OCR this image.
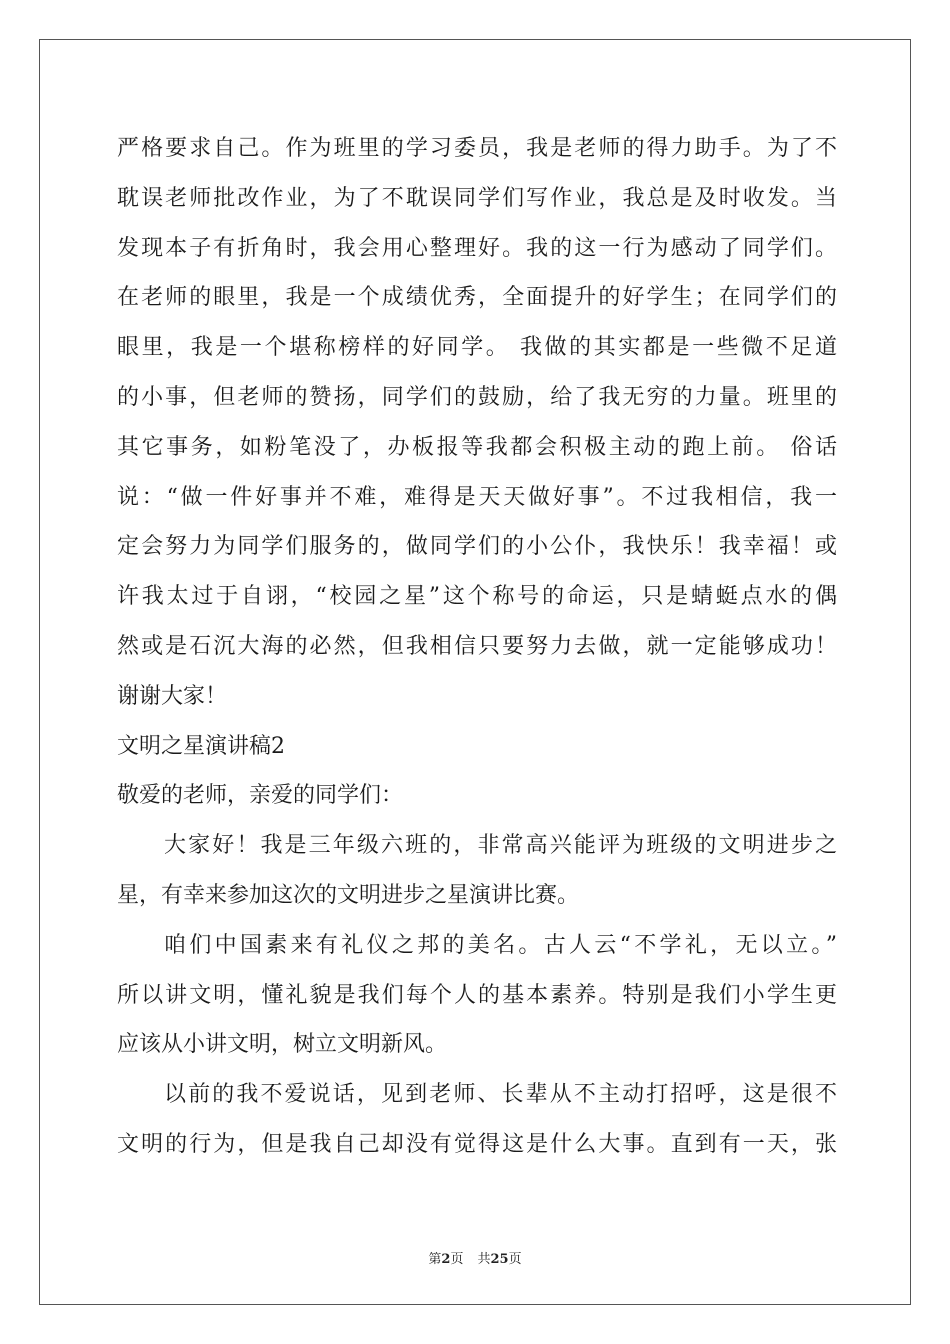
严格要求自己。作为班里的学习委员，我是老师的得力助手。为了不
耽误老师批改作业，为了不耽误同学们写作业，我总是及时收发。当
发现本子有折角时，我会用心整理好。我的这一行为感动了同学们。
在老师的眼里，我是一个成绩优秀，全面提升的好学生；在同学们的
眼里，我是一个堪称榜样的好同学。 我做的其实都是一些微不足道
的小事，但老师的赞扬，同学们的鼓励，给了我无穷的力量。班里的
其它事务，如粉笔没了，办板报等我都会积极主动的跑上前。 俗话
说：“做一件好事并不难，难得是天天做好事”。不过我相信，我一
定会努力为同学们服务的，做同学们的小公仆，我快乐！我幸福！或
许我太过于自诩，“校园之星”这个称号的命运，只是蜻蜓点水的偶
然或是石沉大海的必然，但我相信只要努力去做，就一定能够成功！
谢谢大家！
文明之星演讲稿2
敬爱的老师，亲爱的同学们：
大家好！我是三年级六班的，非常高兴能评为班级的文明进步之
星，有幸来参加这次的文明进步之星演讲比赛。
咱们中国素来有礼仪之邦的美名。古人云“不学礼，无以立。”
所以讲文明，懂礼貌是我们每个人的基本素养。特别是我们小学生更
应该从小讲文明，树立文明新风。
以前的我不爱说话，见到老师、长辈从不主动打招呼，这是很不
文明的行为，但是我自己却没有觉得这是什么大事。直到有一天，张
第2页 共25页
